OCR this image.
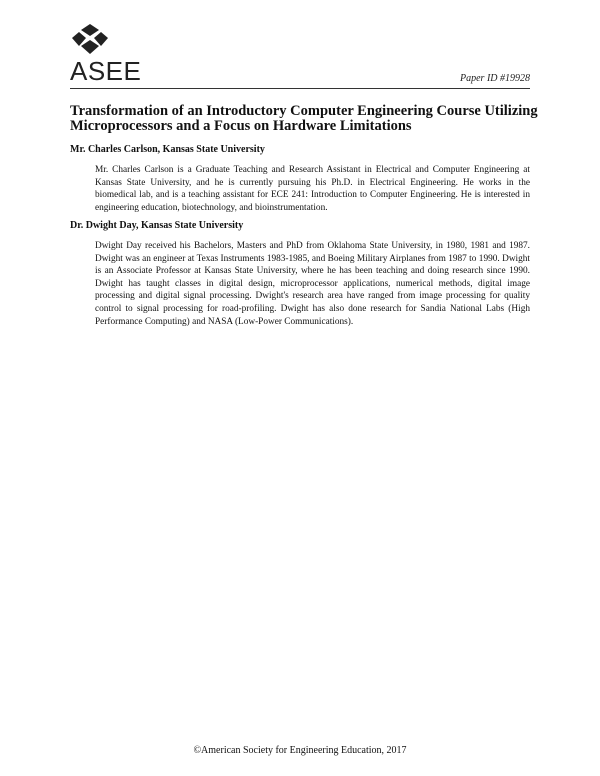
ASEE	Paper ID #19928
Transformation of an Introductory Computer Engineering Course Utilizing Microprocessors and a Focus on Hardware Limitations

Mr. Charles Carlson, Kansas State University

Mr. Charles Carlson is a Graduate Teaching and Research Assistant in Electrical and Computer Engineering at Kansas State University, and he is currently pursuing his Ph.D. in Electrical Engineering. He works in the biomedical lab, and is a teaching assistant for ECE 241: Introduction to Computer Engineering. He is interested in engineering education, biotechnology, and bioinstrumentation.

Dr. Dwight Day, Kansas State University

Dwight Day received his Bachelors, Masters and PhD from Oklahoma State University, in 1980, 1981 and 1987. Dwight was an engineer at Texas Instruments 1983-1985, and Boeing Military Airplanes from 1987 to 1990. Dwight is an Associate Professor at Kansas State University, where he has been teaching and doing research since 1990. Dwight has taught classes in digital design, microprocessor applications, numerical methods, digital image processing and digital signal processing. Dwight's research area have ranged from image processing for quality control to signal processing for road-profiling. Dwight has also done research for Sandia National Labs (High Performance Computing) and NASA (Low-Power Communications).

©American Society for Engineering Education, 2017
